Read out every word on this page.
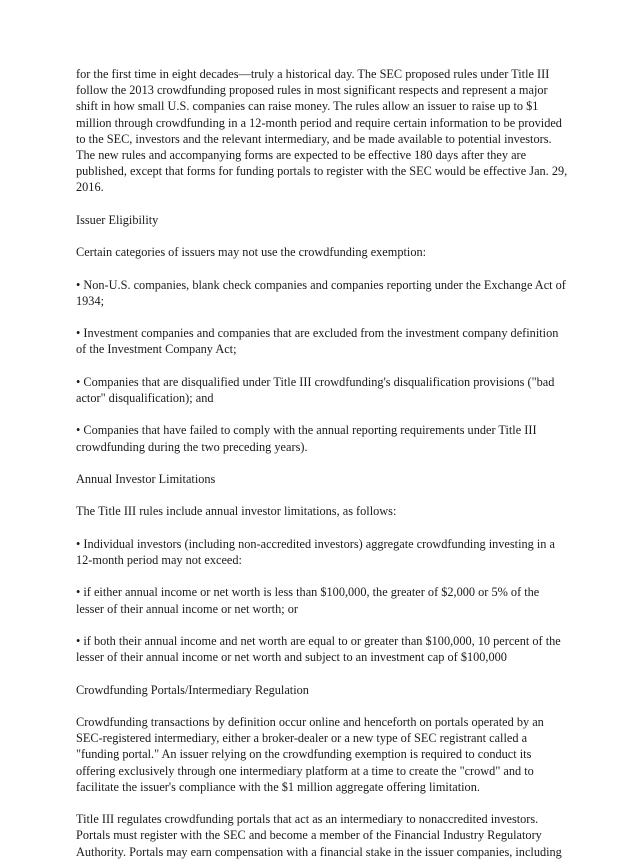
for the first time in eight decades—truly a historical day. The SEC proposed rules under Title III follow the 2013 crowdfunding proposed rules in most significant respects and represent a major shift in how small U.S. companies can raise money. The rules allow an issuer to raise up to $1 million through crowdfunding in a 12-month period and require certain information to be provided to the SEC, investors and the relevant intermediary, and be made available to potential investors. The new rules and accompanying forms are expected to be effective 180 days after they are published, except that forms for funding portals to register with the SEC would be effective Jan. 29, 2016.

Issuer Eligibility

Certain categories of issuers may not use the crowdfunding exemption:

• Non-U.S. companies, blank check companies and companies reporting under the Exchange Act of 1934;

• Investment companies and companies that are excluded from the investment company definition of the Investment Company Act;

• Companies that are disqualified under Title III crowdfunding's disqualification provisions ("bad actor" disqualification); and

• Companies that have failed to comply with the annual reporting requirements under Title III crowdfunding during the two preceding years).

Annual Investor Limitations

The Title III rules include annual investor limitations, as follows:

• Individual investors (including non-accredited investors) aggregate crowdfunding investing in a 12-month period may not exceed:

• if either annual income or net worth is less than $100,000, the greater of $2,000 or 5% of the lesser of their annual income or net worth; or

• if both their annual income and net worth are equal to or greater than $100,000, 10 percent of the lesser of their annual income or net worth and subject to an investment cap of $100,000

Crowdfunding Portals/Intermediary Regulation

Crowdfunding transactions by definition occur online and henceforth on portals operated by an SEC-registered intermediary, either a broker-dealer or a new type of SEC registrant called a "funding portal." An issuer relying on the crowdfunding exemption is required to conduct its offering exclusively through one intermediary platform at a time to create the "crowd" and to facilitate the issuer's compliance with the $1 million aggregate offering limitation.

Title III regulates crowdfunding portals that act as an intermediary to nonaccredited investors. Portals must register with the SEC and become a member of the Financial Industry Regulatory Authority. Portals may earn compensation with a financial stake in the issuer companies, including
